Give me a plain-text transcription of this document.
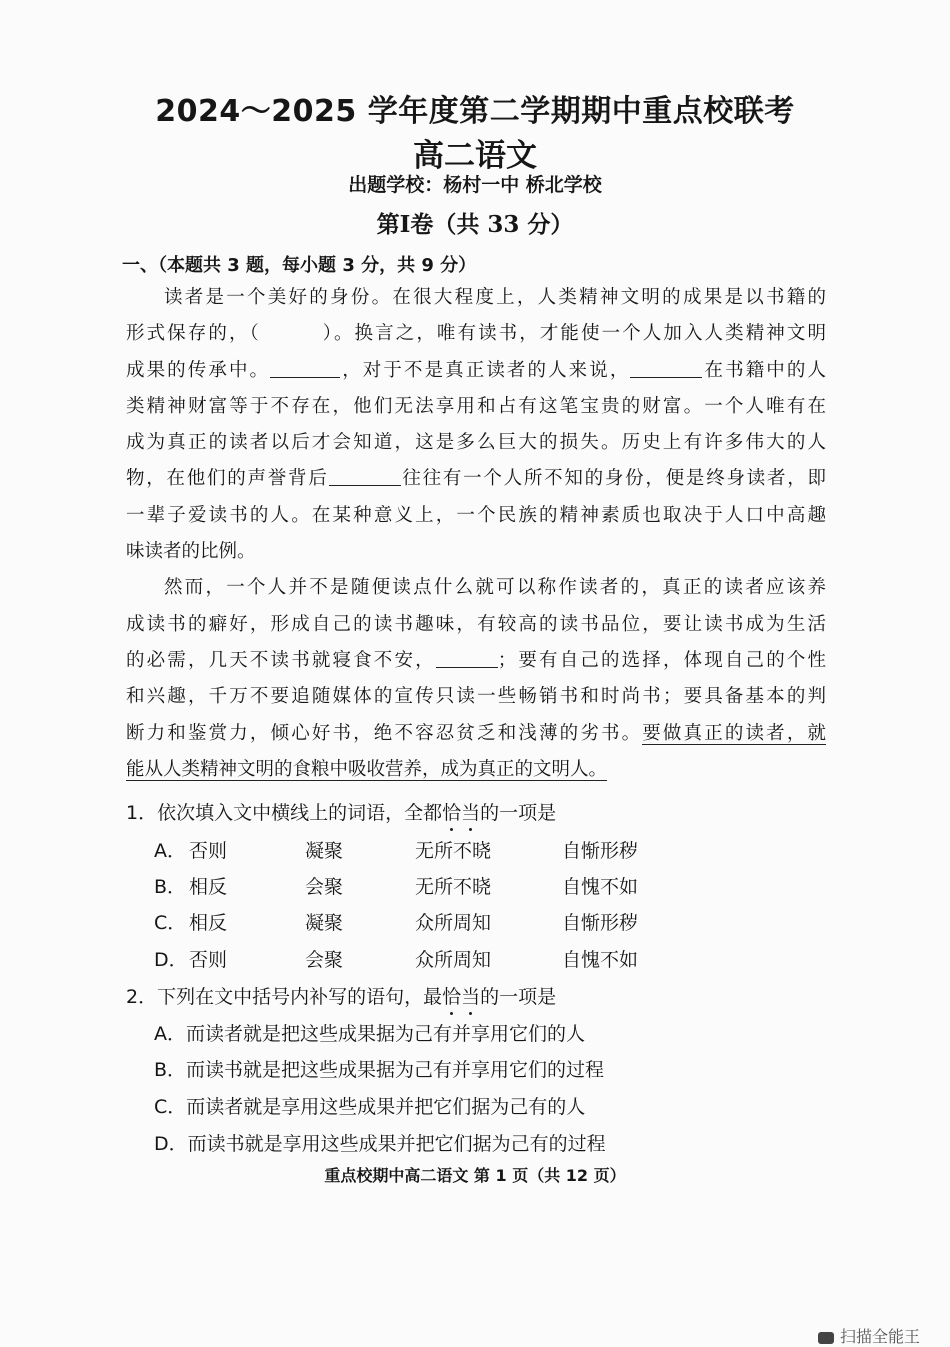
2024～2025 学年度第二学期期中重点校联考
高二语文
出题学校：杨村一中 桥北学校
第Ⅰ卷（共 33 分）
一、（本题共 3 题，每小题 3 分，共 9 分）
读者是一个美好的身份。在很大程度上，人类精神文明的成果是以书籍的
形式保存的，（　　　）。换言之，唯有读书，才能使一个人加入人类精神文明
成果的传承中。	，对于不是真正读者的人来说，	在书籍中的人
类精神财富等于不存在，他们无法享用和占有这笔宝贵的财富。一个人唯有在
成为真正的读者以后才会知道，这是多么巨大的损失。历史上有许多伟大的人
物，在他们的声誉背后	往往有一个人所不知的身份，便是终身读者，即
一辈子爱读书的人。在某种意义上，一个民族的精神素质也取决于人口中高趣
味读者的比例。
然而，一个人并不是随便读点什么就可以称作读者的，真正的读者应该养
成读书的癖好，形成自己的读书趣味，有较高的读书品位，要让读书成为生活
的必需，几天不读书就寝食不安，	；要有自己的选择，体现自己的个性
和兴趣，千万不要追随媒体的宣传只读一些畅销书和时尚书；要具备基本的判
断力和鉴赏力，倾心好书，绝不容忍贫乏和浅薄的劣书。要做真正的读者，就
能从人类精神文明的食粮中吸收营养，成为真正的文明人。
1．依次填入文中横线上的词语，全都恰当的一项是
A． 否则	凝聚	无所不晓	自惭形秽
B． 相反	会聚	无所不晓	自愧不如
C． 相反	凝聚	众所周知	自惭形秽
D． 否则	会聚	众所周知	自愧不如
2．下列在文中括号内补写的语句，最恰当的一项是
A．而读者就是把这些成果据为己有并享用它们的人
B．而读书就是把这些成果据为己有并享用它们的过程
C．而读者就是享用这些成果并把它们据为己有的人
D．而读书就是享用这些成果并把它们据为己有的过程
重点校期中高二语文 第 1 页（共 12 页）
扫描全能王
